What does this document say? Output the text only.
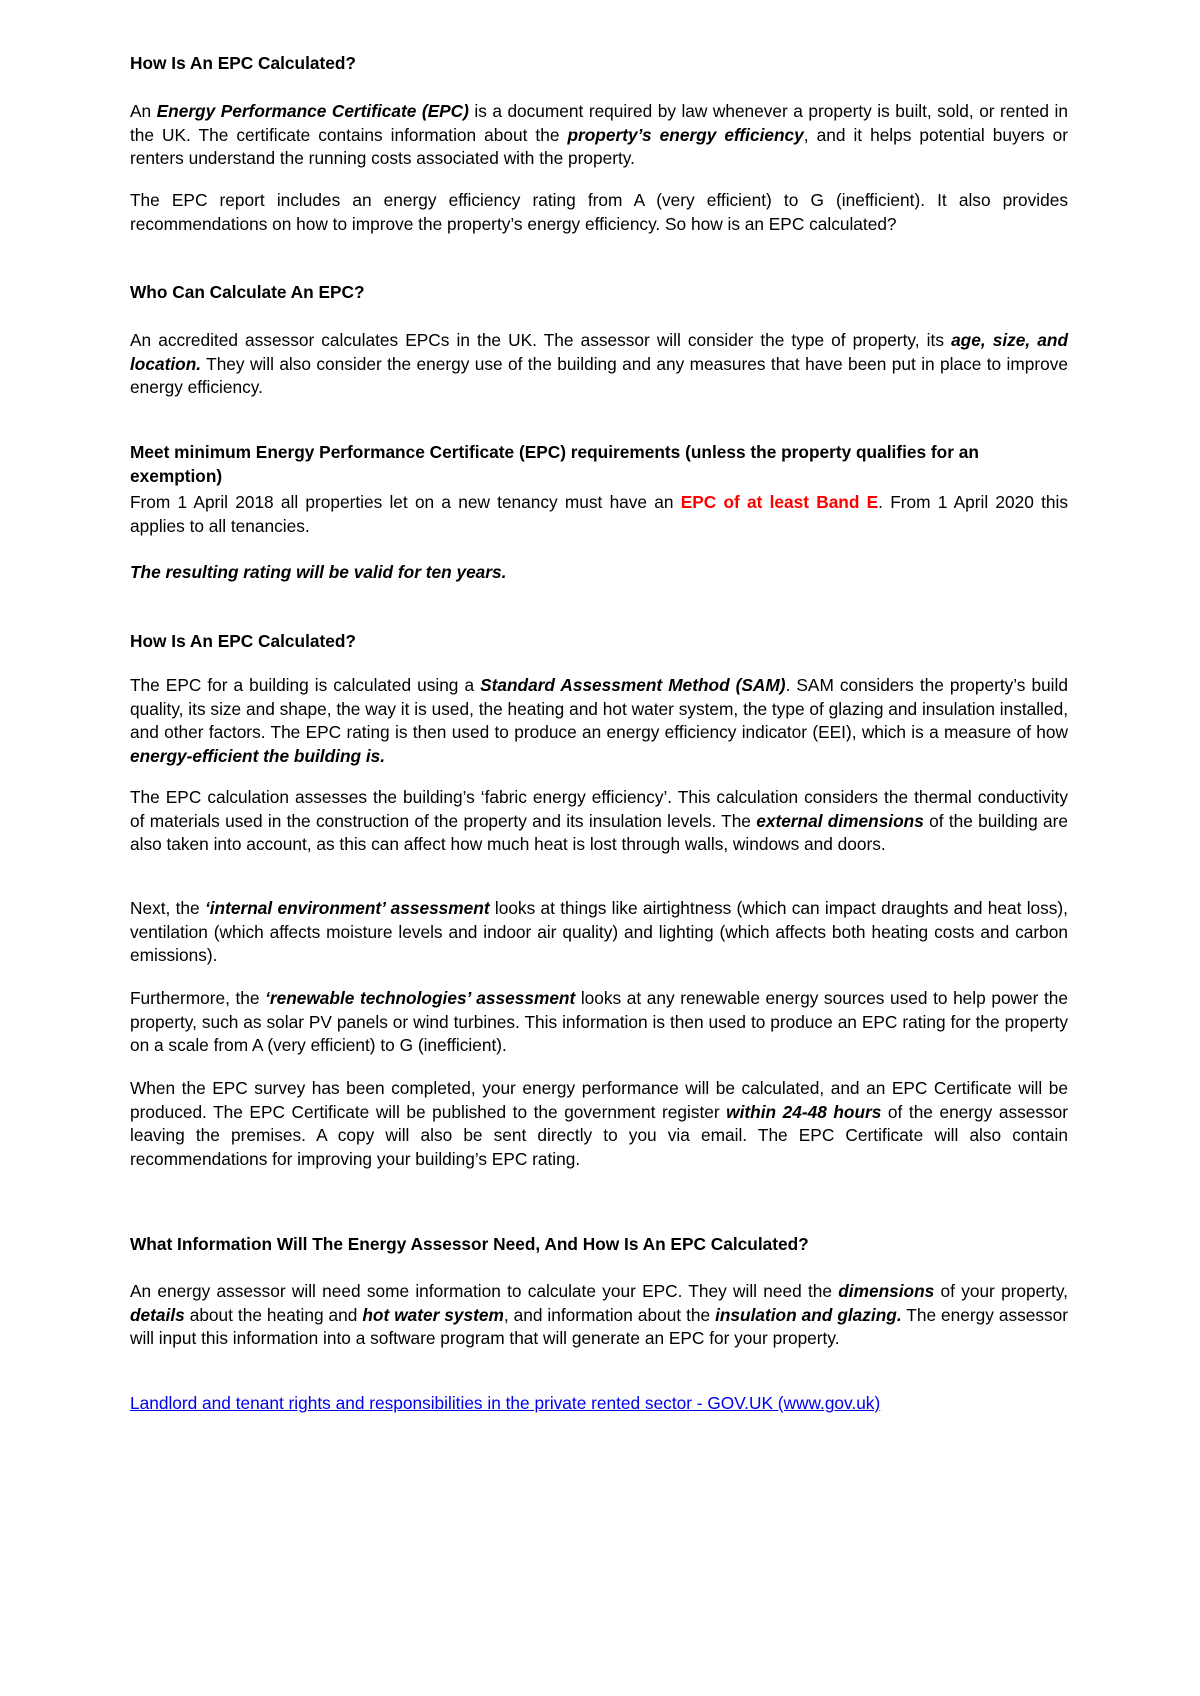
How Is An EPC Calculated?

An Energy Performance Certificate (EPC) is a document required by law whenever a property is built, sold, or rented in the UK. The certificate contains information about the property’s energy efficiency, and it helps potential buyers or renters understand the running costs associated with the property.

The EPC report includes an energy efficiency rating from A (very efficient) to G (inefficient). It also provides recommendations on how to improve the property’s energy efficiency. So how is an EPC calculated?

Who Can Calculate An EPC?

An accredited assessor calculates EPCs in the UK. The assessor will consider the type of property, its age, size, and location. They will also consider the energy use of the building and any measures that have been put in place to improve energy efficiency.

Meet minimum Energy Performance Certificate (EPC) requirements (unless the property qualifies for an exemption)

From 1 April 2018 all properties let on a new tenancy must have an EPC of at least Band E. From 1 April 2020 this applies to all tenancies.

The resulting rating will be valid for ten years.

How Is An EPC Calculated?

The EPC for a building is calculated using a Standard Assessment Method (SAM). SAM considers the property’s build quality, its size and shape, the way it is used, the heating and hot water system, the type of glazing and insulation installed, and other factors. The EPC rating is then used to produce an energy efficiency indicator (EEI), which is a measure of how energy-efficient the building is.

The EPC calculation assesses the building’s ‘fabric energy efficiency’. This calculation considers the thermal conductivity of materials used in the construction of the property and its insulation levels. The external dimensions of the building are also taken into account, as this can affect how much heat is lost through walls, windows and doors.

Next, the ‘internal environment’ assessment looks at things like airtightness (which can impact draughts and heat loss), ventilation (which affects moisture levels and indoor air quality) and lighting (which affects both heating costs and carbon emissions).

Furthermore, the ‘renewable technologies’ assessment looks at any renewable energy sources used to help power the property, such as solar PV panels or wind turbines. This information is then used to produce an EPC rating for the property on a scale from A (very efficient) to G (inefficient).

When the EPC survey has been completed, your energy performance will be calculated, and an EPC Certificate will be produced. The EPC Certificate will be published to the government register within 24-48 hours of the energy assessor leaving the premises. A copy will also be sent directly to you via email. The EPC Certificate will also contain recommendations for improving your building’s EPC rating.

What Information Will The Energy Assessor Need, And How Is An EPC Calculated?

An energy assessor will need some information to calculate your EPC. They will need the dimensions of your property, details about the heating and hot water system, and information about the insulation and glazing. The energy assessor will input this information into a software program that will generate an EPC for your property.

Landlord and tenant rights and responsibilities in the private rented sector - GOV.UK (www.gov.uk)
